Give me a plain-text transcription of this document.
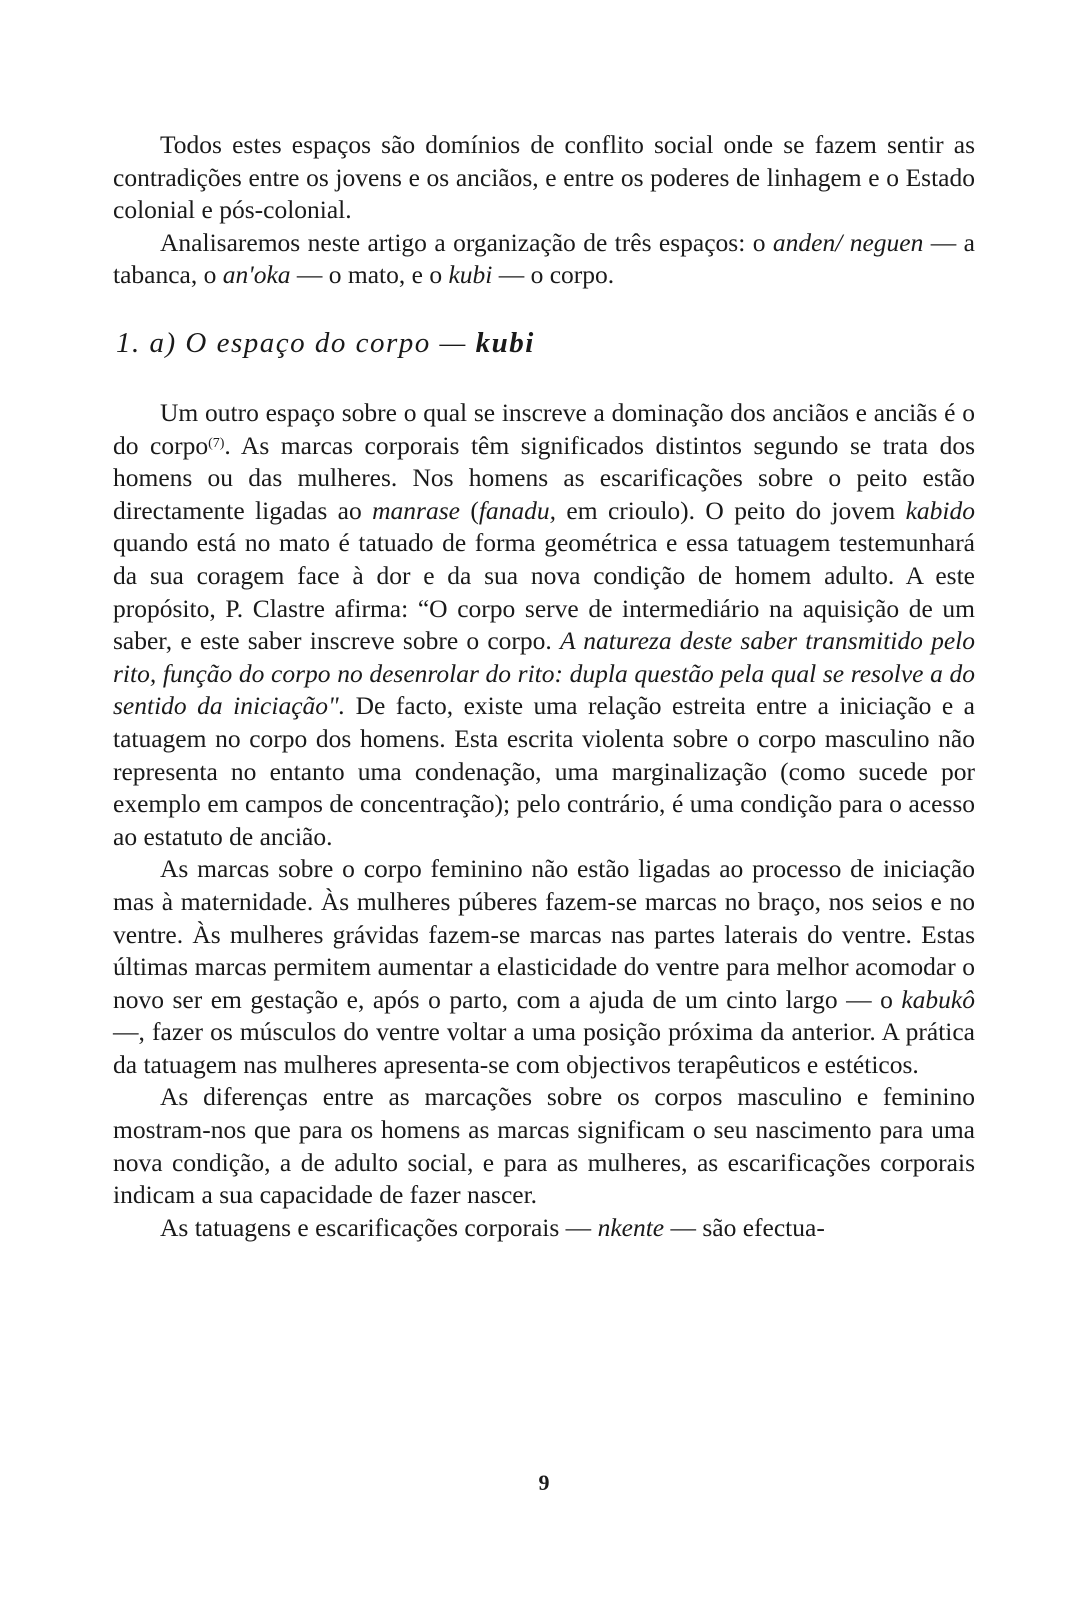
Todos estes espaços são domínios de conflito social onde se fazem sentir as contradições entre os jovens e os anciãos, e entre os poderes de linhagem e o Estado colonial e pós-colonial.

Analisaremos neste artigo a organização de três espaços: o anden/ neguen — a tabanca, o an'oka — o mato, e o kubi — o corpo.

1. a) O espaço do corpo — kubi

Um outro espaço sobre o qual se inscreve a dominação dos anciãos e anciãs é o do corpo$^{(7)}$. As marcas corporais têm significados distintos segundo se trata dos homens ou das mulheres. Nos homens as escarificações sobre o peito estão directamente ligadas ao manrase (fanadu, em crioulo). O peito do jovem kabido quando está no mato é tatuado de forma geométrica e essa tatuagem testemunhará da sua coragem face à dor e da sua nova condição de homem adulto. A este propósito, P. Clastre afirma: “O corpo serve de intermediário na aquisição de um saber, e este saber inscreve sobre o corpo. A natureza deste saber transmitido pelo rito, função do corpo no desenrolar do rito: dupla questão pela qual se resolve a do sentido da iniciação". De facto, existe uma relação estreita entre a iniciação e a tatuagem no corpo dos homens. Esta escrita violenta sobre o corpo masculino não representa no entanto uma condenação, uma marginalização (como sucede por exemplo em campos de concentração); pelo contrário, é uma condição para o acesso ao estatuto de ancião.

As marcas sobre o corpo feminino não estão ligadas ao processo de iniciação mas à maternidade. Às mulheres púberes fazem-se marcas no braço, nos seios e no ventre. Às mulheres grávidas fazem-se marcas nas partes laterais do ventre. Estas últimas marcas permitem aumentar a elasticidade do ventre para melhor acomodar o novo ser em gestação e, após o parto, com a ajuda de um cinto largo — o kabukô —, fazer os músculos do ventre voltar a uma posição próxima da anterior. A prática da tatuagem nas mulheres apresenta-se com objectivos terapêuticos e estéticos.

As diferenças entre as marcações sobre os corpos masculino e feminino mostram-nos que para os homens as marcas significam o seu nascimento para uma nova condição, a de adulto social, e para as mulheres, as escarificações corporais indicam a sua capacidade de fazer nascer.

As tatuagens e escarificações corporais — nkente — são efectua-

9
